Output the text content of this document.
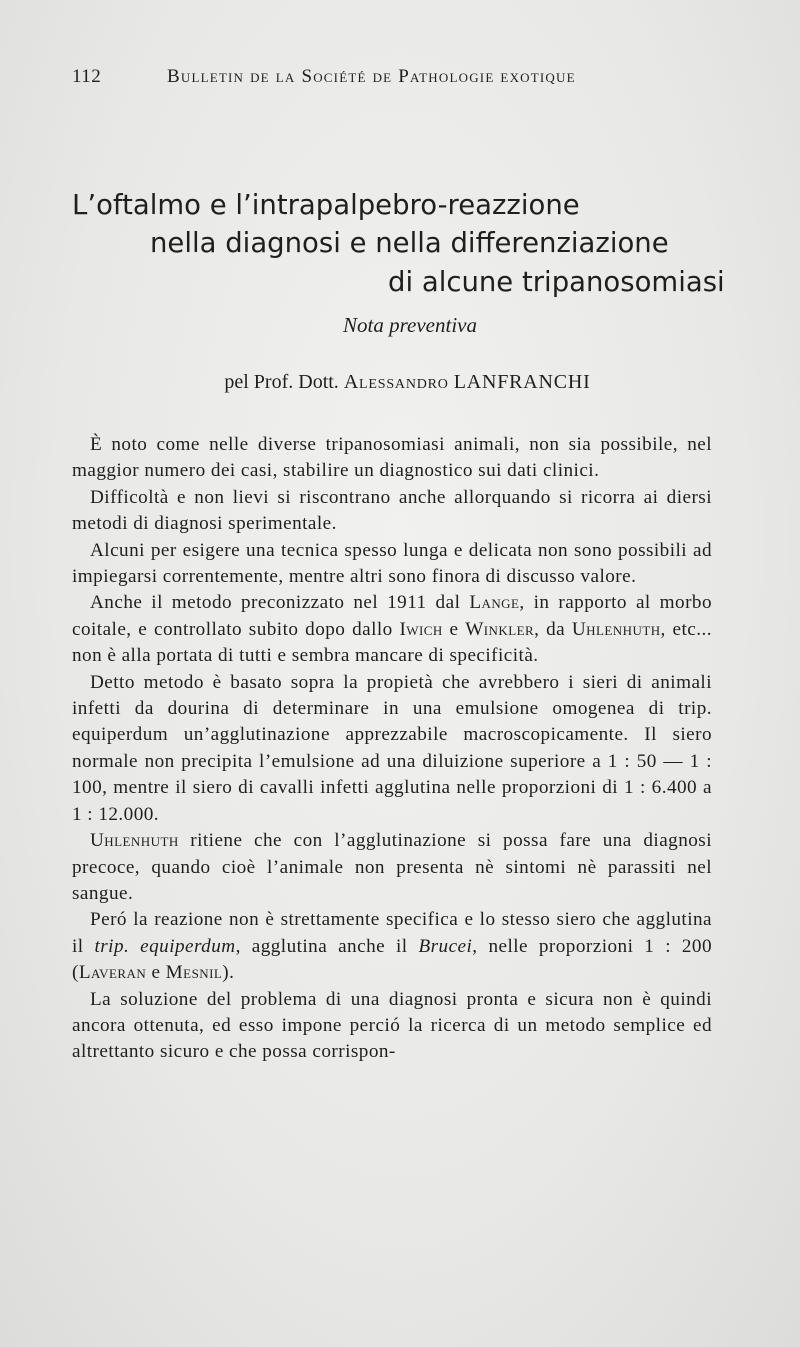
112	Bulletin de la Société de Pathologie exotique
L’oftalmo e l’intrapalpebro-reazzione
nella diagnosi e nella differenziazione
di alcune tripanosomiasi
Nota preventiva
pel Prof. Dott. Alessandro LANFRANCHI

È noto come nelle diverse tripanosomiasi animali, non sia possibile, nel maggior numero dei casi, stabilire un diagnostico sui dati clinici.

Difficoltà e non lievi si riscontrano anche allorquando si ricorra ai diersi metodi di diagnosi sperimentale.

Alcuni per esigere una tecnica spesso lunga e delicata non sono possibili ad impiegarsi correntemente, mentre altri sono finora di discusso valore.

Anche il metodo preconizzato nel 1911 dal Lange, in rapporto al morbo coitale, e controllato subito dopo dallo Iwich e Winkler, da Uhlenhuth, etc... non è alla portata di tutti e sembra mancare di specificità.

Detto metodo è basato sopra la propietà che avrebbero i sieri di animali infetti da dourina di determinare in una emulsione omogenea di trip. equiperdum un’agglutinazione apprezzabile macroscopicamente. Il siero normale non precipita l’emulsione ad una diluizione superiore a 1 : 50 — 1 : 100, mentre il siero di cavalli infetti agglutina nelle proporzioni di 1 : 6.400 a 1 : 12.000.

Uhlenhuth ritiene che con l’agglutinazione si possa fare una diagnosi precoce, quando cioè l’animale non presenta nè sintomi nè parassiti nel sangue.

Peró la reazione non è strettamente specifica e lo stesso siero che agglutina il trip. equiperdum, agglutina anche il Brucei, nelle proporzioni 1 : 200 (Laveran e Mesnil).

La soluzione del problema di una diagnosi pronta e sicura non è quindi ancora ottenuta, ed esso impone perció la ricerca di un metodo semplice ed altrettanto sicuro e che possa corrispon-
